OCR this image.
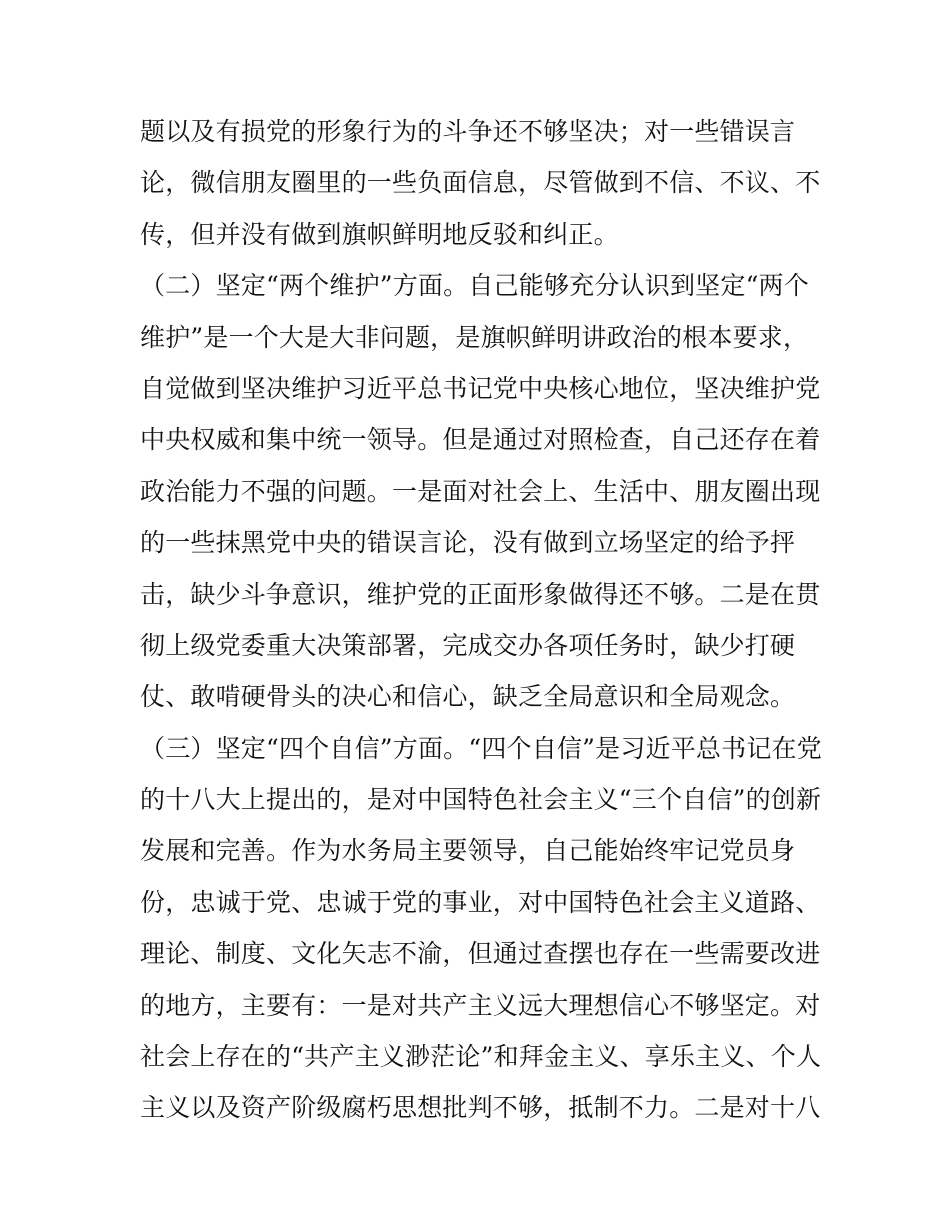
题以及有损党的形象行为的斗争还不够坚决；对一些错误言
论，微信朋友圈里的一些负面信息，尽管做到不信、不议、不
传，但并没有做到旗帜鲜明地反驳和纠正。
（二）坚定“两个维护”方面。自己能够充分认识到坚定“两个
维护”是一个大是大非问题，是旗帜鲜明讲政治的根本要求，
自觉做到坚决维护习近平总书记党中央核心地位，坚决维护党
中央权威和集中统一领导。但是通过对照检查，自己还存在着
政治能力不强的问题。一是面对社会上、生活中、朋友圈出现
的一些抹黑党中央的错误言论，没有做到立场坚定的给予抨
击，缺少斗争意识，维护党的正面形象做得还不够。二是在贯
彻上级党委重大决策部署，完成交办各项任务时，缺少打硬
仗、敢啃硬骨头的决心和信心，缺乏全局意识和全局观念。
（三）坚定“四个自信”方面。“四个自信”是习近平总书记在党
的十八大上提出的，是对中国特色社会主义“三个自信”的创新
发展和完善。作为水务局主要领导，自己能始终牢记党员身
份，忠诚于党、忠诚于党的事业，对中国特色社会主义道路、
理论、制度、文化矢志不渝，但通过查摆也存在一些需要改进
的地方，主要有：一是对共产主义远大理想信心不够坚定。对
社会上存在的“共产主义渺茫论”和拜金主义、享乐主义、个人
主义以及资产阶级腐朽思想批判不够，抵制不力。二是对十八
